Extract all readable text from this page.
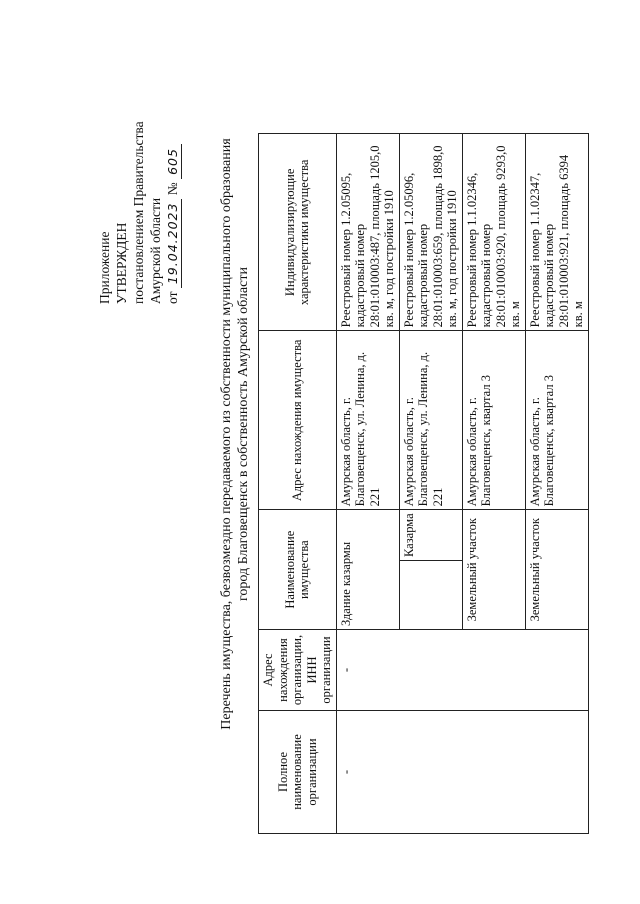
Приложение УТВЕРЖДЕН постановлением Правительства Амурской области от 19.04.2023 № 605	Перечень имущества, безвозмездно передаваемого из собственности муниципального образования город Благовещенск в собственность Амурской области
Полное наименование организации	Адрес нахождения организации, ИНН организации	Наименование имущества		Адрес нахождения имущества	Индивидуализирующие характеристики имущества
-	-	Здание казармы		Амурская область, г. Благовещенск, ул. Ленина, д. 221	Реестровый номер 1.2.05095, кадастровый номер 28:01:010003:487, площадь 1205,0 кв. м, год постройки 1910
			Казарма	Амурская область, г. Благовещенск, ул. Ленина, д. 221	Реестровый номер 1.2.05096, кадастровый номер 28:01:010003:659, площадь 1898,0 кв. м, год постройки 1910
		Земельный участок		Амурская область, г. Благовещенск, квартал 3	Реестровый номер 1.1.02346, кадастровый номер 28:01:010003:920, площадь 9293,0 кв. м
		Земельный участок		Амурская область, г. Благовещенск, квартал 3	Реестровый номер 1.1.02347, кадастровый номер 28:01:010003:921, площадь 6394 кв. м
